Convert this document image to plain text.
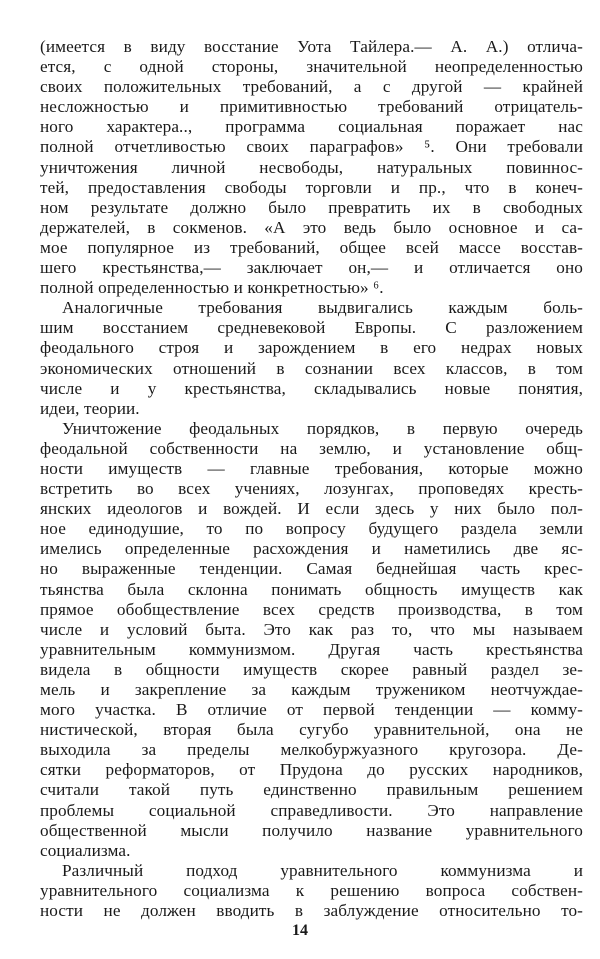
(имеется в виду восстание Уота Тайлера.— А. А.) отлича-
ется, с одной стороны, значительной неопределенностью
своих положительных требований, а с другой — крайней
несложностью и примитивностью требований отрицатель-
ного характера.., программа социальная поражает нас
полной отчетливостью своих параграфов» ⁵. Они требовали
уничтожения личной несвободы, натуральных повиннос-
тей, предоставления свободы торговли и пр., что в конеч-
ном результате должно было превратить их в свободных
держателей, в сокменов. «А это ведь было основное и са-
мое популярное из требований, общее всей массе восстав-
шего крестьянства,— заключает он,— и отличается оно
полной определенностью и конкретностью» ⁶.
Аналогичные требования выдвигались каждым боль-
шим восстанием средневековой Европы. С разложением
феодального строя и зарождением в его недрах новых
экономических отношений в сознании всех классов, в том
числе и у крестьянства, складывались новые понятия,
идеи, теории.
Уничтожение феодальных порядков, в первую очередь
феодальной собственности на землю, и установление общ-
ности имуществ — главные требования, которые можно
встретить во всех учениях, лозунгах, проповедях кресть-
янских идеологов и вождей. И если здесь у них было пол-
ное единодушие, то по вопросу будущего раздела земли
имелись определенные расхождения и наметились две яс-
но выраженные тенденции. Самая беднейшая часть крес-
тьянства была склонна понимать общность имуществ как
прямое обобществление всех средств производства, в том
числе и условий быта. Это как раз то, что мы называем
уравнительным коммунизмом. Другая часть крестьянства
видела в общности имуществ скорее равный раздел зе-
мель и закрепление за каждым тружеником неотчуждае-
мого участка. В отличие от первой тенденции — комму-
нистической, вторая была сугубо уравнительной, она не
выходила за пределы мелкобуржуазного кругозора. Де-
сятки реформаторов, от Прудона до русских народников,
считали такой путь единственно правильным решением
проблемы социальной справедливости. Это направление
общественной мысли получило название уравнительного
социализма.
Различный подход уравнительного коммунизма и
уравнительного социализма к решению вопроса собствен-
ности не должен вводить в заблуждение относительно то-
14
